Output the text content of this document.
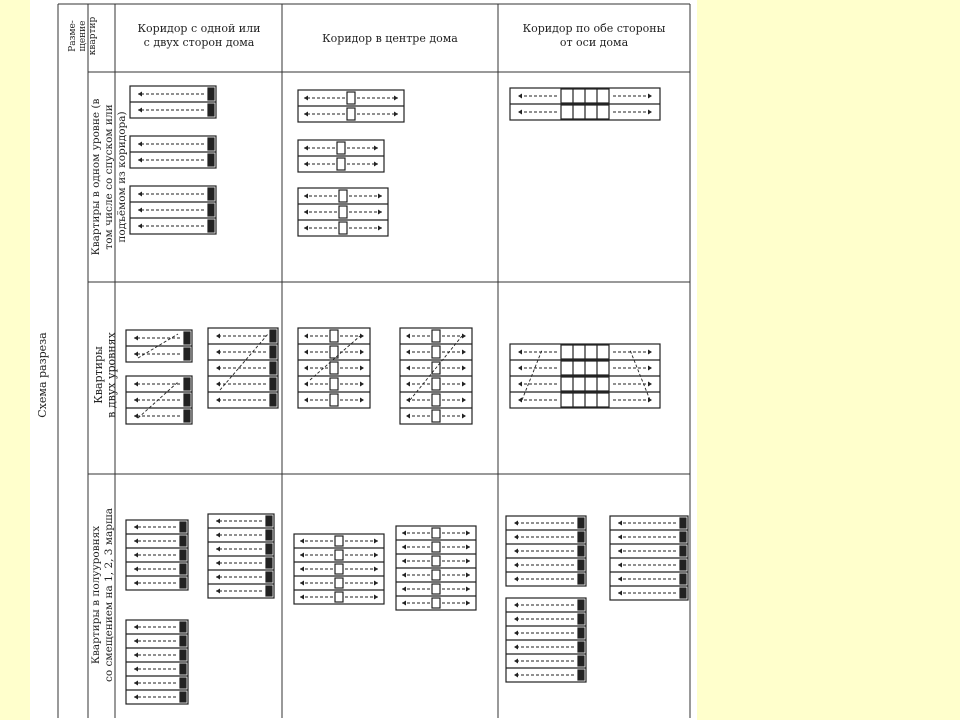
Разме-
щение
квартир	Коридор с одной или
с двух сторон дома	Коридор в центре дома
Коридор по обе стороны
от оси дома
Схема разреза
Квартиры в одном уровне (в
том числе со спуском или
подъёмом из коридора)
Квартиры
в двух уровнях
Квартиры в полууровнях
со смещением на 1, 2, 3 марша
